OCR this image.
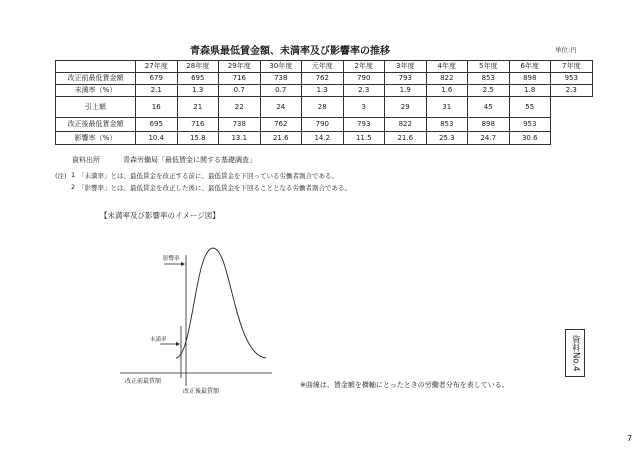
青森県最低賃金額、未満率及び影響率の推移	単位:円
	27年度	28年度	29年度	30年度	元年度	2年度	3年度	4年度	5年度	6年度	7年度
改正前最低賃金額	679	695	716	738	762	790	793	822	853	898	953
未満率（%）	2.1	1.3	0.7	0.7	1.3	2.3	1.9	1.6	2.5	1.8	2.3
引上額	16	21	22	24	28	3	29	31	45	55	
改正後最低賃金額	695	716	738	762	790	793	822	853	898	953	
影響率（%）	10.4	15.8	13.1	21.6	14.2	11.5	21.6	25.3	24.7	30.6	
資料出所	青森労働局「最低賃金に関する基礎調査」
(注) 1 「未満率」とは、最低賃金を改正する前に、最低賃金を下回っている労働者割合である。
2 「影響率」とは、最低賃金を改正した後に、最低賃金を下回ることとなる労働者割合である。
【未満率及び影響率のイメージ図】
影響率
未満率
改正前最賃額
改正後最賃額
※曲線は、賃金額を横軸にとったときの労働者分布を表している。
資料No.4
7
